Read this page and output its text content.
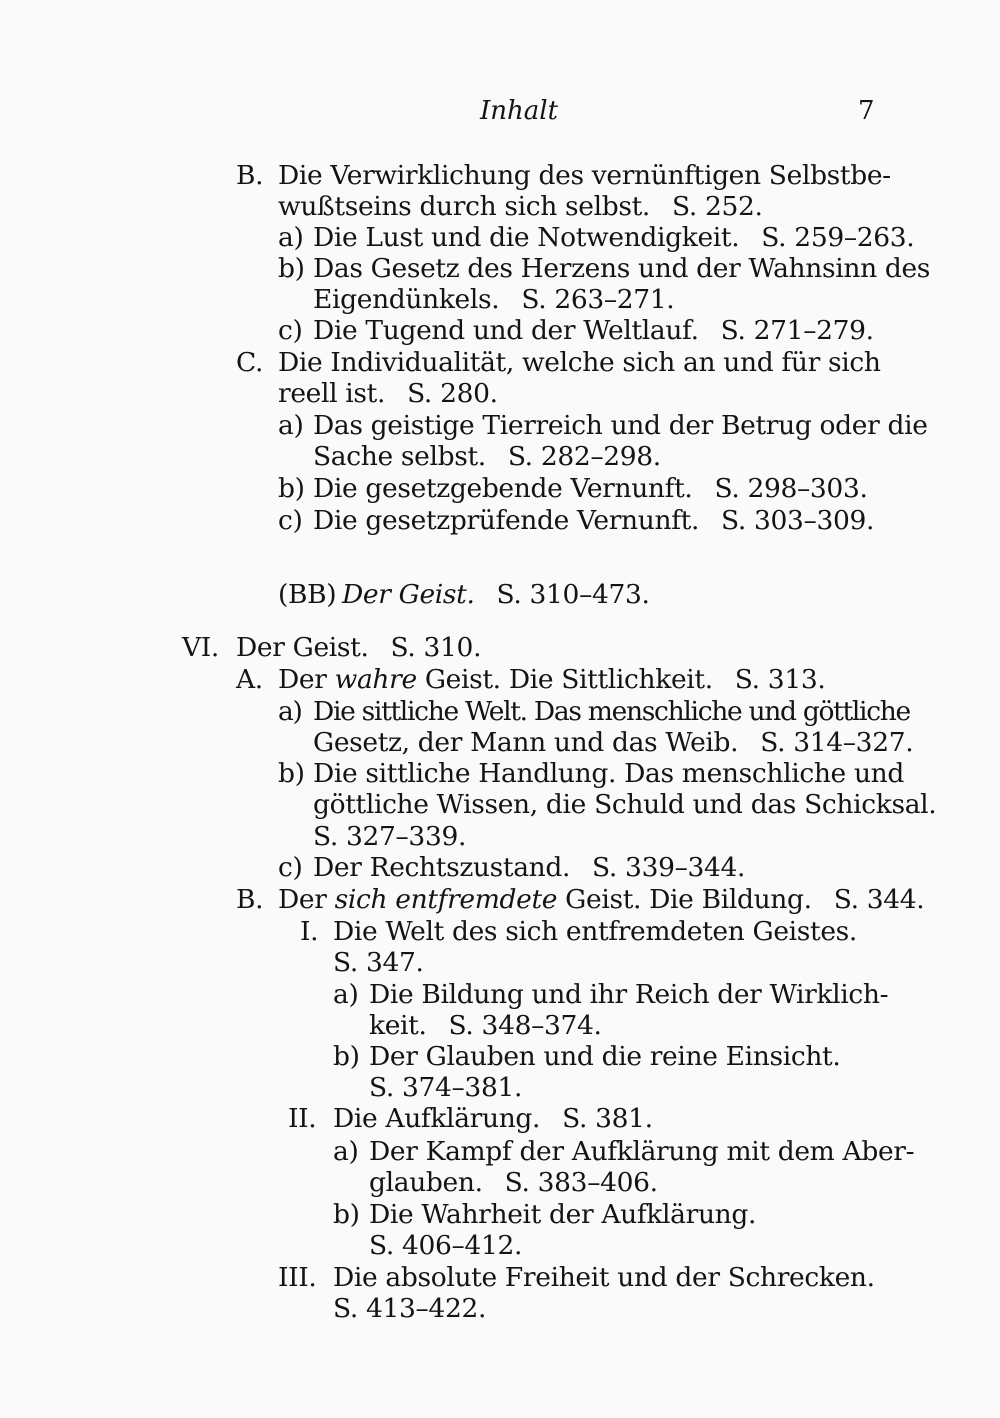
Inhalt	7
B. Die Verwirklichung des vernünftigen Selbstbe-
wußtseins durch sich selbst. S. 252.
a) Die Lust und die Notwendigkeit. S. 259–263.
b) Das Gesetz des Herzens und der Wahnsinn des
Eigendünkels. S. 263–271.
c) Die Tugend und der Weltlauf. S. 271–279.
C. Die Individualität, welche sich an und für sich
reell ist. S. 280.
a) Das geistige Tierreich und der Betrug oder die
Sache selbst. S. 282–298.
b) Die gesetzgebende Vernunft. S. 298–303.
c) Die gesetzprüfende Vernunft. S. 303–309.
(BB) Der Geist. S. 310–473.
VI. Der Geist. S. 310.
A. Der wahre Geist. Die Sittlichkeit. S. 313.
a) Die sittliche Welt. Das menschliche und göttliche
Gesetz, der Mann und das Weib. S. 314–327.
b) Die sittliche Handlung. Das menschliche und
göttliche Wissen, die Schuld und das Schicksal.
S. 327–339.
c) Der Rechtszustand. S. 339–344.
B. Der sich entfremdete Geist. Die Bildung. S. 344.
I. Die Welt des sich entfremdeten Geistes.
S. 347.
a) Die Bildung und ihr Reich der Wirklich-
keit. S. 348–374.
b) Der Glauben und die reine Einsicht.
S. 374–381.
II. Die Aufklärung. S. 381.
a) Der Kampf der Aufklärung mit dem Aber-
glauben. S. 383–406.
b) Die Wahrheit der Aufklärung.
S. 406–412.
III. Die absolute Freiheit und der Schrecken.
S. 413–422.
